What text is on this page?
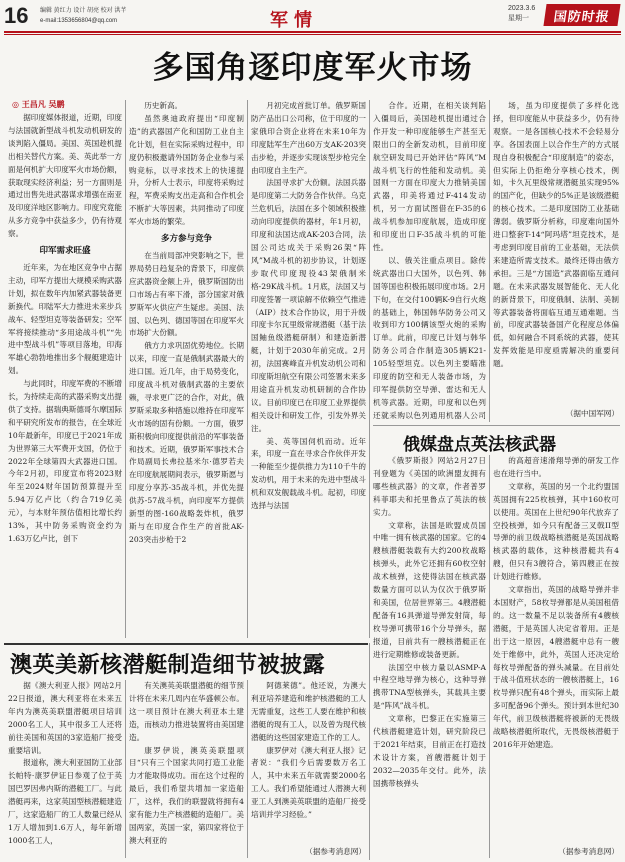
16 编辑 黄红力 设计 胡亮 校对 洪芊
e-mail:1353656804@qq.com	军情
2023.3.6
星期一	国防时报
多国角逐印度军火市场
◎ 王昌凡 吴鹏

据印度媒体报道，近期，印度与法国就新型战斗机发动机研发的谈判陷入僵局。美国、英国趁机提出相关替代方案。美、英此举一方面是何机扩大印度军火市场份额，获取现实经济利益；另一方面则是通过出售先进武器谋求增强在南亚及印度洋地区影响力。印度究竟能从多方竞争中获益多少，仍有待观察。

印军需求旺盛

近年来，为在地区竞争中占据主动，印军方提出大规模采购武器计划，拟在数年内加紧武器装备更新换代。印陆军大力推进未来步兵战车、轻型坦克等装备研发；空军军将接续推动“多用途战斗机”“先进中型战斗机”等项目落地，印海军雄心勃勃地推出多个舰艇建造计划。

与此同时，印度军费的不断增长，为持续走高的武器采购支出提供了支持。据瑞典斯德哥尔摩国际和平研究所发布的报告，在全球近10年最新年，印度已于2021年成为世界第三大军费开支国，仍位于2022年全球第四大武器进口国。今年2月初，印度宣布将2023财年至2024财年国防预算提升至5.94万亿卢比（约合719亿美元），与本财年预估值相比增长约13%，其中防务采购资金约为1.63万亿卢比，创下

历史新高。

虽然奥迪政府提出“印度制造”的武器国产化和国防工业自主化计划，但在实际采购过程中，印度仍积极邀请外国防务企业参与采购竞标，以寻求技术上的快速提升，分析人士表示，印度将采购过程，军费采购支出走高和合作机会不断扩大等因素，共同推动了印度军火市场的繁荣。

多方参与竞争

在当前局部冲突影响之下，世界局势日趋复杂的背景下，印度供应武器资金额上升，俄罗斯国防出口市场占有率下滑，部分国家对俄罗斯军火供应产生疑虑。美国、法国、以色列、德国等国在印度军火市场扩大份额。

俄方力求巩固优势地位。长期以来，印度一直是俄制武器最大的进口国。近几年，由于局势变化，印度战斗机对俄制武器的主要依赖，寻求更广泛的合作，对此，俄罗斯采取多种措施以维持在印度军火市场的固有份额。一方面，俄罗斯积极向印度提供前沿的军事装备和技术。近期，俄罗斯军事技术合作局副局长弗拉基米尔·德罗若夫在印度航展期间表示，俄罗斯愿与印度分享苏-35战斗机，并优先提供苏-57战斗机，向印度军方提供新型的图-160战略轰炸机，俄罗斯与在印度合作生产的首批AK-203突击步枪于2

月初完成首批订单。俄罗斯国防产品出口公司称，位于印度的一家俄印合资企业将在未来10年为印度陆军生产出60万支AK-203突击步枪，并逐步实现该型步枪完全由印度自主生产。

法国寻求扩大份额。法国兵器是印度第二大防务合作伙伴。乌克兰危机后，法国在多个领域积极推动向印度提供的器材，年1月初，印度和法国达成AK-203合同，法国公司达成关于采购26架“阵风”M战斗机的初步协议，计划逐步取代印度现役43架俄制米格-29K战斗机。1月底，法国又与印度签署一项谅解不依赖空气推进（AIP）技术合作协议，用于升级印度卡尔瓦里级常规潜艇（基于法国鲉鱼级潜艇研制）和建造新潜艇，计划于2030年前完成。2月初，法国赛峰直升机发动机公司和印度斯坦航空有限公司签署未来多用途直升机发动机研制的合作协议。目前印度已在印度工业界提供相关设计和研发工作，引发外界关注。

美、英等国伺机而动。近年来，印度一直在寻求合作伙伴开发一种能至少提供推力为110千牛的发动机，用于未来的先进中型战斗机和双发舰载战斗机。起初，印度选择与法国

合作。近期，在相关谈判陷入僵局后，美国趁机提出通过合作开发一种印度能够生产甚至无限出口的全新发动机，目前印度航空研发局已开始评估“阵风”M战斗机飞行的性能和发动机。美国则一方面在印度大力推销美国武器，印美将通过F-414发动机，另一方面试图借在F-35的6战斗机参加印度航展，造成印度和印度出口F-35战斗机的可能性。

以、俄关注重点项目。除传统武器出口大国外，以色列、韩国等国也积极拓展印度市场。2月下旬，在交付100辆K-9自行火炮的基础上，韩国韩华防务公司又收到印方100辆该型火炮的采购订单。此前，印度已计划与韩华防务公司合作制造305辆K21-105轻型坦克。以色列主要瞄准印度的防空和无人装备市场，为印军提供防空导弹、雷达和无人机等武器。近期，印度和以色列还就采购以色列通用机器人公司

场，虽为印度提供了多样化选择，但印度能从中获益多少，仍有待观察。一是各国核心技术不会轻易分享。各国表面上以合作生产的方式展现自身积极配合“印度制造”的姿态，但实际上仍拒绝分享核心技术，例如，卡久瓦里级常规潜艇虽实现95%的国产化，但缺少的5%正是该级潜艇的核心技术。二是印度国防工业基础薄弱。俄罗斯分析称，印度难向国外进口整套T-14“阿玛塔”坦克技术，是考虑到印度目前的工业基础，无法供来建造所需支技术。最终还得由俄方承担。三是“方国造”武器面临互通问题。在未来武器发展智能化、无人化的新背景下，印度俄制、法制、美制等武器装备将面临互通互通难题。当前，印度武器装备国产化程度总体偏低，如何融合不同系统的武器，使其发挥效能是印度亟需解决的重要问题。

（据中国军网）

俄媒盘点英法核武器

《俄罗斯报》网站2月27日刊登题为《美国的欧洲盟友拥有哪些核武器》的文章，作者普罗科菲耶夫和托里鲁点了英法的核实力。

文章称，法国是欧盟成员国中唯一拥有核武器的国家。它的4艘核潜艇装载有大约200枚战略核弹头，此外它还拥有60枚空射战术核弹，这使得法国在核武器数量方面可以认为仅次于俄罗斯和美国，位居世界第三。4艘潜艇配备有16具弹道导弹发射筒，每枚导弹可携带16个分导弹头，据报道，目前共有一艘核潜艇正在进行定期维修或装备更新。

法国空中核力量以ASMP-A中程空地导弹为核心，这种导弹携带TNA型核弹头，其载具主要是“阵风”战斗机。

文章称，巴黎正在实施第三代核潜艇建造计划，研究阶段已于2021年结束，目前正在打造技术设计方案，首艘潜艇计划于2032—2035年交付。此外，法国携带核弹头

的高超音速滑翔导弹的研发工作也在进行当中。

文章称，英国的另一个北约盟国英国拥有225枚核弹，其中160枚可以使用。英国在上世纪90年代放弃了空投核弹，如今只有配备三叉戟II型导弹的前卫级战略核潜艇是英国战略核武器的载体，这种核潜艇共有4艘，但只有3艘符合，第四艘正在按计划进行维修。

文章指出，英国的战略导弹并非本国财产，58枚导弹都是从美国租借的。这一数量不足以装备所有4艘核潜艇，于是英国人决定省着用。正是出于这一原因，4艘潜艇中总有一艘处于维修中，此外，英国人还决定给每枚导弹配备的弹头减量。在目前处于战斗值班状态的一艘核潜艇上，16枚导弹只配有48个弹头，而实际上最多可配备96个弹头。预计到本世纪30年代，前卫级核潜艇将被新的无畏级战略核潜艇所取代，无畏级核潜艇于2016年开始建造。

（据参考消息网）

澳英美新核潜艇制造细节被披露

据《澳大利亚人报》网站2月22日报道，澳大利亚将在未来五年内为澳英美联盟潜艇项目培训2000名工人，其中很多工人还将前往美国和英国的3家造船厂接受重要培训。

报道称，澳大利亚国防工业部长帕特·康罗伊证日参观了位于英国巴罗因弗内斯的潜艇工厂。与此潜艇再来，这家英国型核潜艇建造厂，这家造船厂的工人数量已经从1万人增加到1.6万人，每年新增1000名工人，

有关澳英美联盟潜艇的细节预计将在未来几周内在华盛顿公布。这一项目预计在澳大利亚本土建造，而核动力推进装置将由美国建造。

康罗伊说，澳英美联盟项目“只有三个国家共同打造工业能力才能取得成功。而在这个过程的最后，我们希望共增加一家造船厂，这样，我们的联盟就将拥有4家有能力生产核潜艇的造船厂。美国两家，英国一家，第四家将位于澳大利亚的

阿德莱德”。他还说，为澳大利亚培养建造和维护核潜艇的工人无需重复，这些工人要在维护和核潜艇的现有工人，以及曾为现代核潜艇的这些国家建造工作的工人。

康罗伊对《澳大利亚人报》记者说：“我们今后需要数万名工人，其中未来五年就需要2000名工人。我们希望能通过人潜澳大利亚工人到澳美英联盟的造船厂接受培训并学习经验。”

（据参考消息网）
